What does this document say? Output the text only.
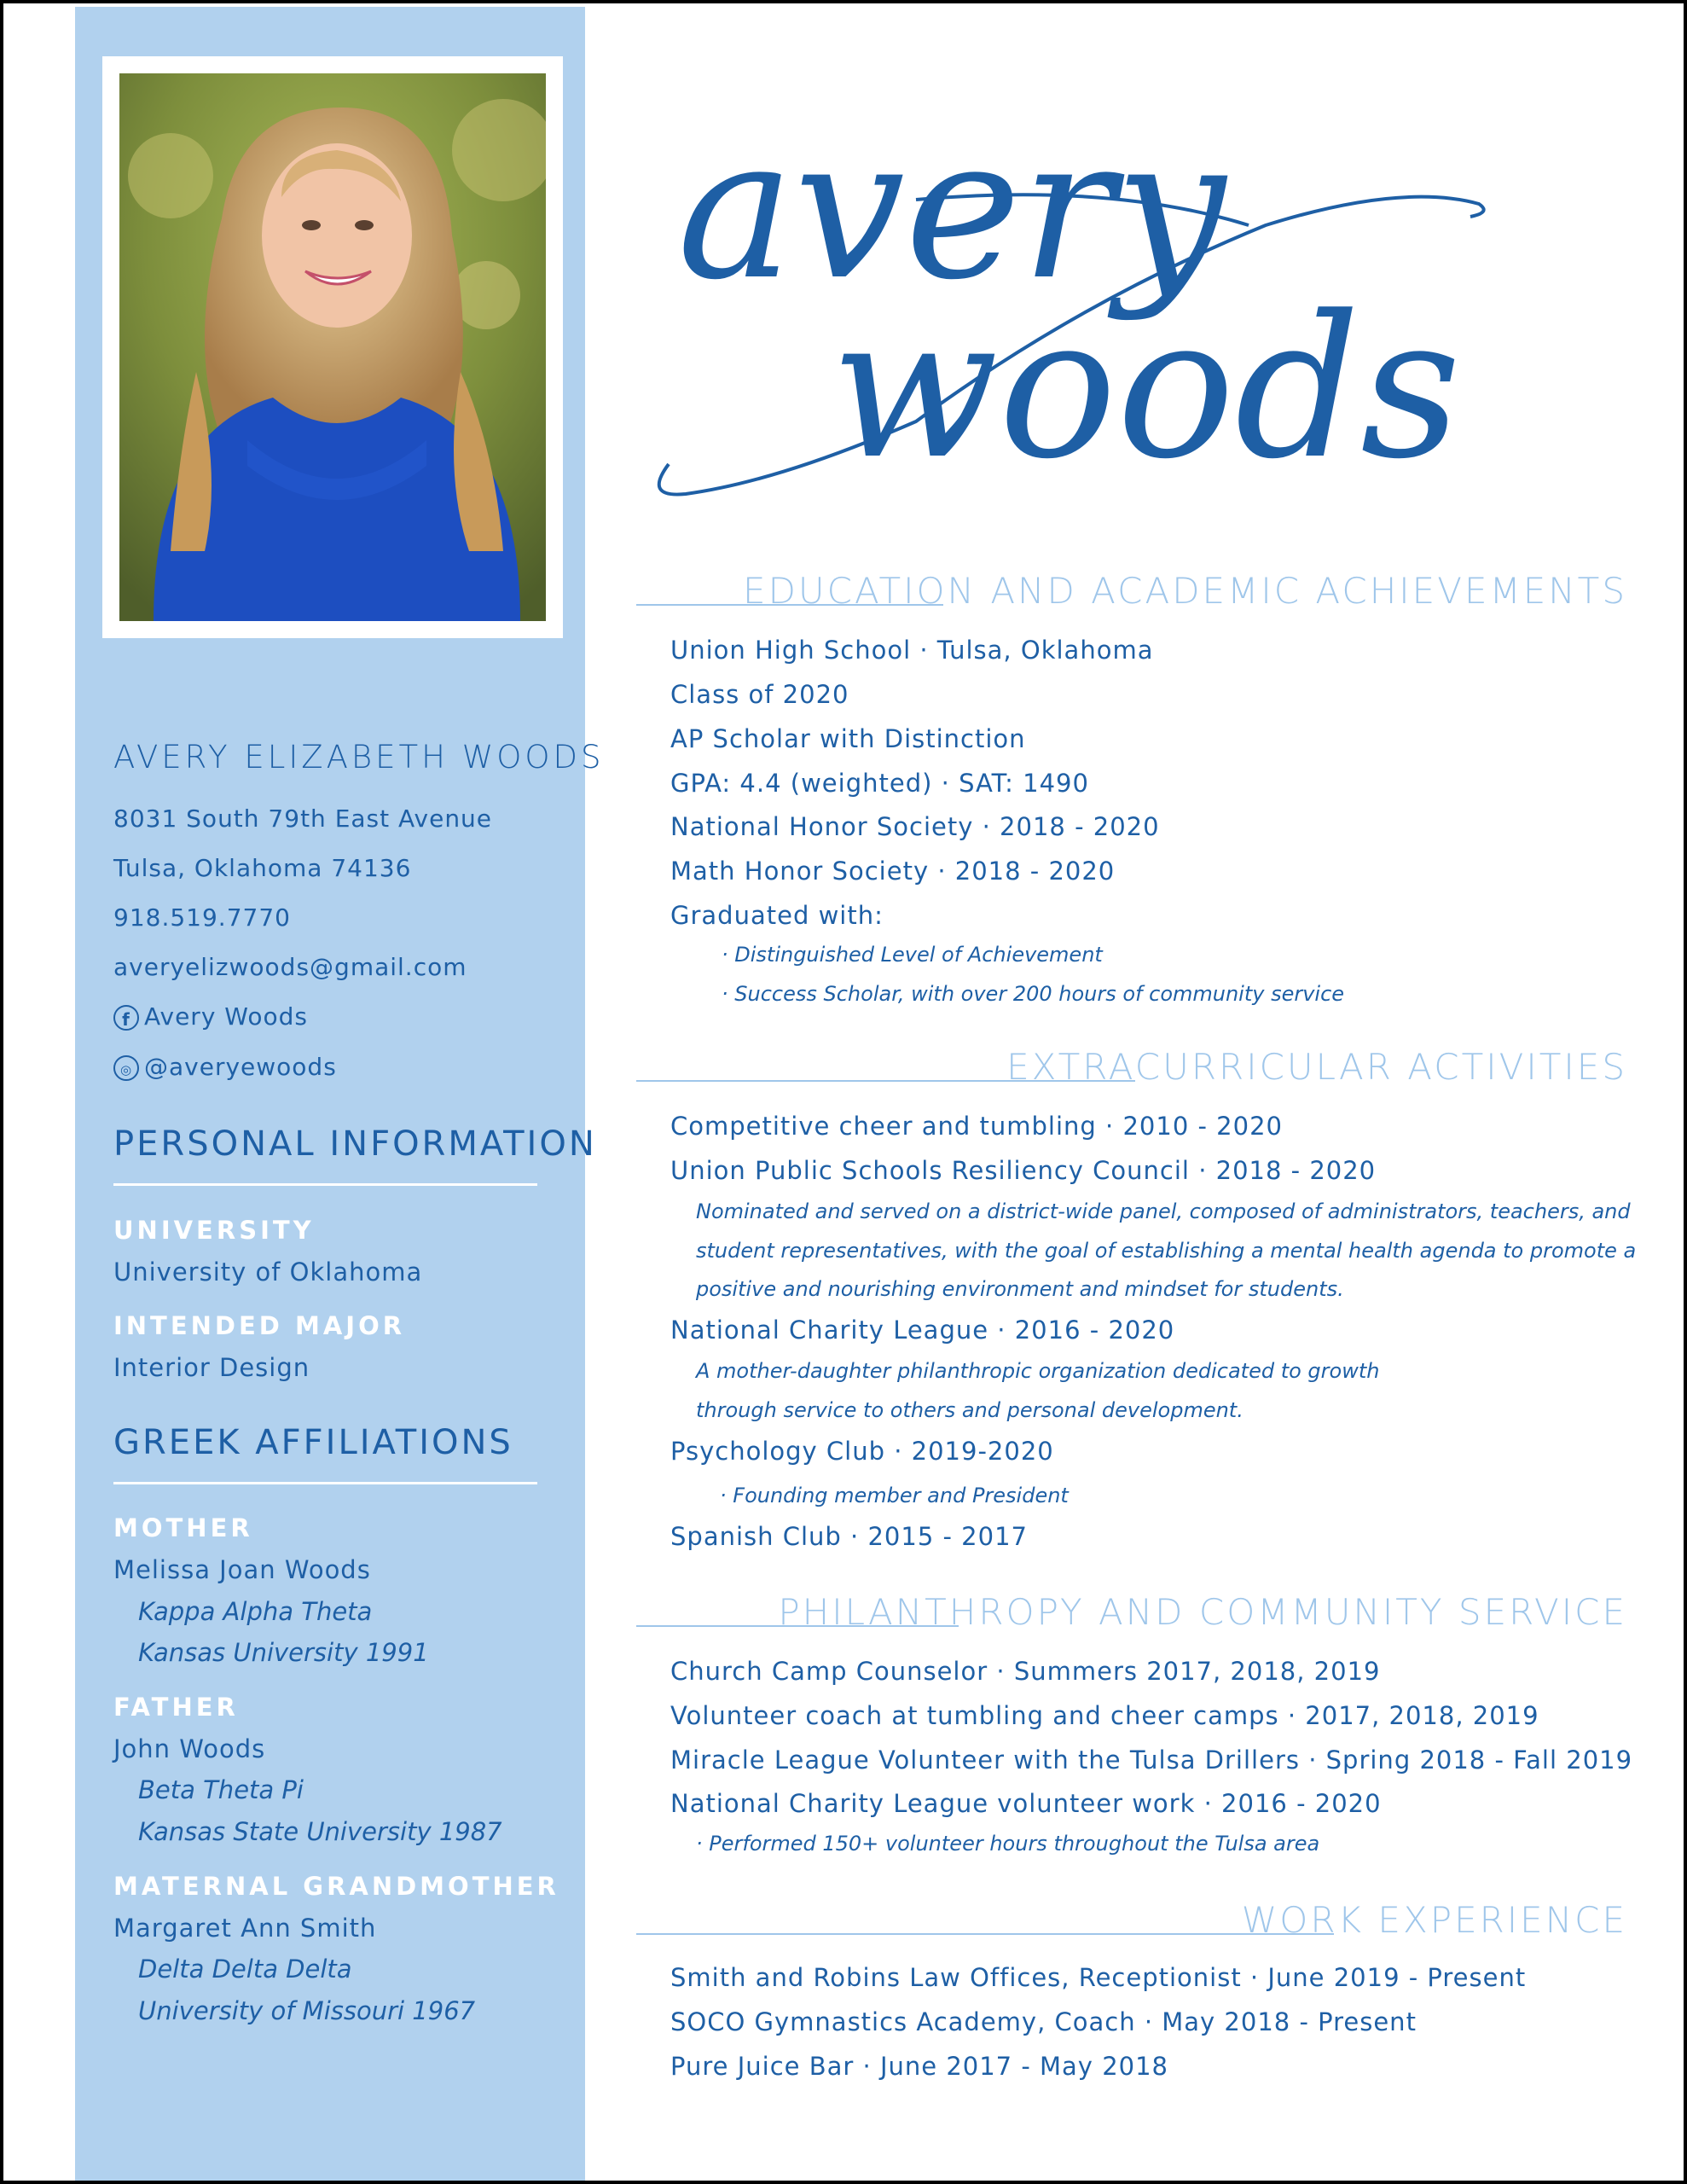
AVERY ELIZABETH WOODS
8031 South 79th East Avenue
Tulsa, Oklahoma 74136
918.519.7770
averyelizwoods@gmail.com
f Avery Woods
◎ @averyewoods
PERSONAL INFORMATION
UNIVERSITY
University of Oklahoma
INTENDED MAJOR
Interior Design
GREEK AFFILIATIONS
MOTHER
Melissa Joan Woods
Kappa Alpha Theta
Kansas University 1991
FATHER
John Woods
Beta Theta Pi
Kansas State University 1987
MATERNAL GRANDMOTHER
Margaret Ann Smith
Delta Delta Delta
University of Missouri 1967
avery
woods
EDUCATION AND ACADEMIC ACHIEVEMENTS
Union High School · Tulsa, Oklahoma
Class of 2020
AP Scholar with Distinction
GPA: 4.4 (weighted) · SAT: 1490
National Honor Society · 2018 - 2020
Math Honor Society · 2018 - 2020
Graduated with:
· Distinguished Level of Achievement
· Success Scholar, with over 200 hours of community service
EXTRACURRICULAR ACTIVITIES
Competitive cheer and tumbling · 2010 - 2020
Union Public Schools Resiliency Council · 2018 - 2020
Nominated and served on a district-wide panel, composed of administrators, teachers, and
student representatives, with the goal of establishing a mental health agenda to promote a
positive and nourishing environment and mindset for students.
National Charity League · 2016 - 2020
A mother-daughter philanthropic organization dedicated to growth
through service to others and personal development.
Psychology Club · 2019-2020
· Founding member and President
Spanish Club · 2015 - 2017
PHILANTHROPY AND COMMUNITY SERVICE
Church Camp Counselor · Summers 2017, 2018, 2019
Volunteer coach at tumbling and cheer camps · 2017, 2018, 2019
Miracle League Volunteer with the Tulsa Drillers · Spring 2018 - Fall 2019
National Charity League volunteer work · 2016 - 2020
· Performed 150+ volunteer hours throughout the Tulsa area
WORK EXPERIENCE
Smith and Robins Law Offices, Receptionist · June 2019 - Present
SOCO Gymnastics Academy, Coach · May 2018 - Present
Pure Juice Bar · June 2017 - May 2018
